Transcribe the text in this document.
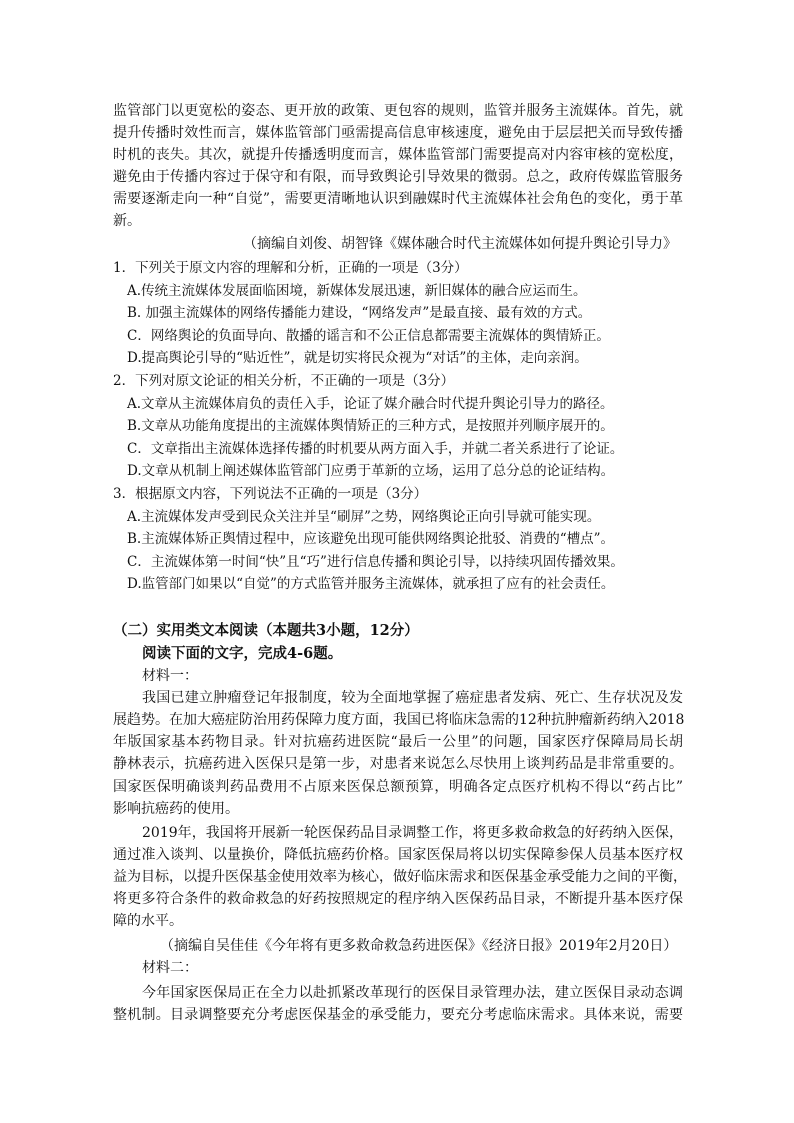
监管部门以更宽松的姿态、更开放的政策、更包容的规则，监管并服务主流媒体。首先，就
提升传播时效性而言，媒体监管部门亟需提高信息审核速度，避免由于层层把关而导致传播
时机的丧失。其次，就提升传播透明度而言，媒体监管部门需要提高对内容审核的宽松度，
避免由于传播内容过于保守和有限，而导致舆论引导效果的微弱。总之，政府传媒监管服务
需要逐渐走向一种“自觉”，需要更清晰地认识到融媒时代主流媒体社会角色的变化，勇于革
新。
（摘编自刘俊、胡智锋《媒体融合时代主流媒体如何提升舆论引导力》
1．下列关于原文内容的理解和分析，正确的一项是（3分）
A.传统主流媒体发展面临困境，新媒体发展迅速，新旧媒体的融合应运而生。
B. 加强主流媒体的网络传播能力建设，“网络发声”是最直接、最有效的方式。
C．网络舆论的负面导向、散播的谣言和不公正信息都需要主流媒体的舆情矫正。
D.提高舆论引导的“贴近性”，就是切实将民众视为“对话”的主体，走向亲润。
2．下列对原文论证的相关分析，不正确的一项是（3分）
A.文章从主流媒体肩负的责任入手，论证了媒介融合时代提升舆论引导力的路径。
B.文章从功能角度提出的主流媒体舆情矫正的三种方式，是按照并列顺序展开的。
C．文章指出主流媒体选择传播的时机要从两方面入手，并就二者关系进行了论证。
D.文章从机制上阐述媒体监管部门应勇于革新的立场，运用了总分总的论证结构。
3．根据原文内容，下列说法不正确的一项是（3分）
A.主流媒体发声受到民众关注并呈“刷屏”之势，网络舆论正向引导就可能实现。
B.主流媒体矫正舆情过程中，应该避免出现可能供网络舆论批驳、消费的“槽点”。
C．主流媒体第一时间“快”且“巧”进行信息传播和舆论引导，以持续巩固传播效果。
D.监管部门如果以“自觉”的方式监管并服务主流媒体，就承担了应有的社会责任。
（二）实用类文本阅读（本题共3小题，12分）
阅读下面的文字，完成4-6题。
材料一：
我国已建立肿瘤登记年报制度，较为全面地掌握了癌症患者发病、死亡、生存状况及发
展趋势。在加大癌症防治用药保障力度方面，我国已将临床急需的12种抗肿瘤新药纳入2018
年版国家基本药物目录。针对抗癌药进医院“最后一公里”的问题，国家医疗保障局局长胡
静林表示，抗癌药进入医保只是第一步，对患者来说怎么尽快用上谈判药品是非常重要的。
国家医保明确谈判药品费用不占原来医保总额预算，明确各定点医疗机构不得以“药占比”
影响抗癌药的使用。
2019年，我国将开展新一轮医保药品目录调整工作，将更多救命救急的好药纳入医保，
通过准入谈判、以量换价，降低抗癌药价格。国家医保局将以切实保障参保人员基本医疗权
益为目标，以提升医保基金使用效率为核心，做好临床需求和医保基金承受能力之间的平衡，
将更多符合条件的救命救急的好药按照规定的程序纳入医保药品目录，不断提升基本医疗保
障的水平。
（摘编自吴佳佳《今年将有更多救命救急药进医保》《经济日报》2019年2月20日）
材料二：
今年国家医保局正在全力以赴抓紧改革现行的医保目录管理办法，建立医保目录动态调
整机制。目录调整要充分考虑医保基金的承受能力，要充分考虑临床需求。具体来说，需要
